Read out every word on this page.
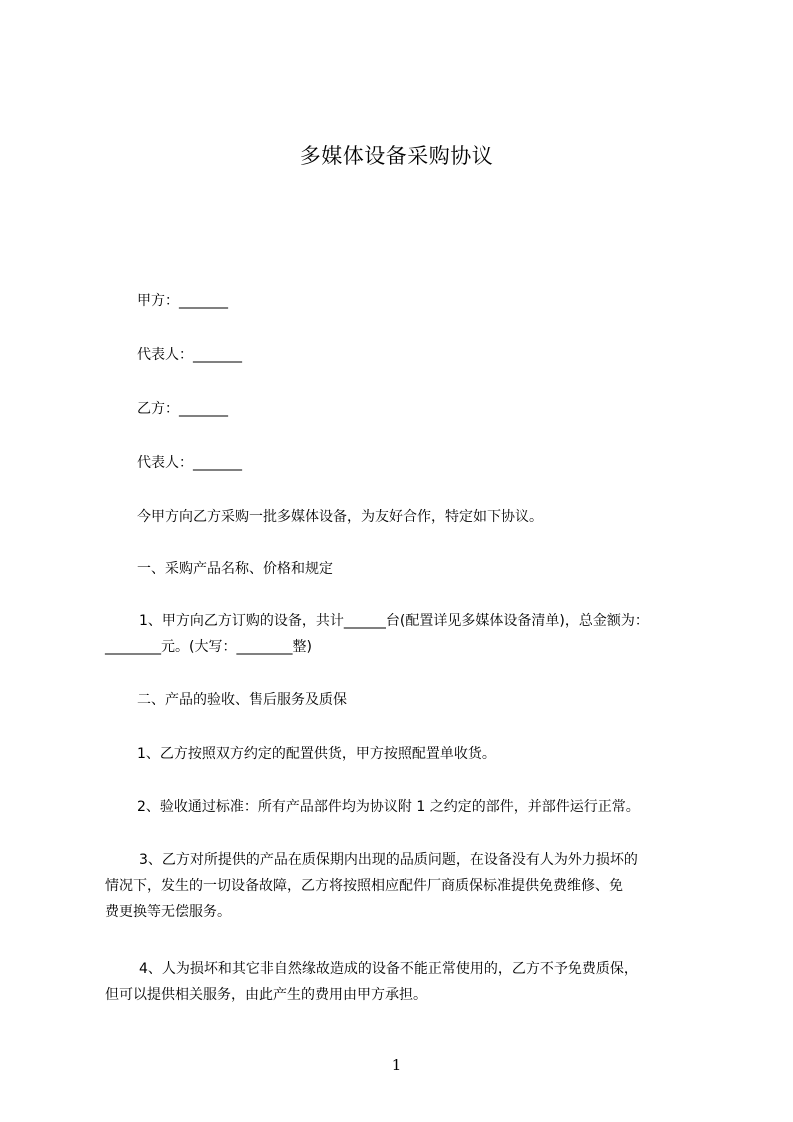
多媒体设备采购协议
甲方：_______
代表人：_______
乙方：_______
代表人：_______
今甲方向乙方采购一批多媒体设备，为友好合作，特定如下协议。
一、采购产品名称、价格和规定
1、甲方向乙方订购的设备，共计______台(配置详见多媒体设备清单)，总金额为：
________元。(大写：________整)
二、产品的验收、售后服务及质保
1、乙方按照双方约定的配置供货，甲方按照配置单收货。
2、验收通过标准：所有产品部件均为协议附 1 之约定的部件，并部件运行正常。
3、乙方对所提供的产品在质保期内出现的品质问题，在设备没有人为外力损坏的
情况下，发生的一切设备故障，乙方将按照相应配件厂商质保标准提供免费维修、免
费更换等无偿服务。
4、人为损坏和其它非自然缘故造成的设备不能正常使用的，乙方不予免费质保，
但可以提供相关服务，由此产生的费用由甲方承担。
1
